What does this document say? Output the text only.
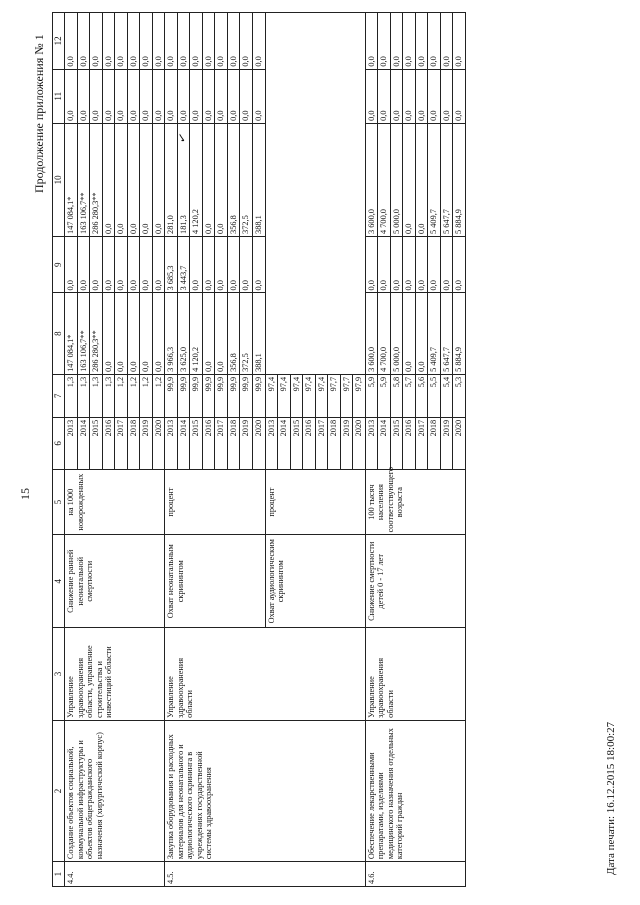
15
Продолжение приложения № 1	✓
1	2	3	4	5	6	7	8	9	10	11	12
4.4.	Создание объектов социальной, коммунальной инфраструктуры и объектов общегражданского назначения (хирургический корпус)	Управление здравоохранения области, управление строительства и инвестиций области	Снижение ранней неонатальной смертности	на 1000 новорожденных	2013	1,3	147 084,1*	0,0	147 084,1*	0,0	0,0
					2014	1,3	163 106,7**	0,0	163 106,7**	0,0	0,0
					2015	1,3	286 280,3**	0,0	286 280,3**	0,0	0,0
					2016	1,3	0,0	0,0	0,0	0,0	0,0
					2017	1,2	0,0	0,0	0,0	0,0	0,0
					2018	1,2	0,0	0,0	0,0	0,0	0,0
					2019	1,2	0,0	0,0	0,0	0,0	0,0
					2020	1,2	0,0	0,0	0,0	0,0	0,0
4.5.	Закупка оборудования и расходных материалов для неонатального и аудиологического скрининга в учреждениях государственной системы здравоохранения	Управление здравоохранения области	Охват неонатальным скринингом	процент	2013	99,9	3 966,3	3 685,3	281,0	0,0	0,0
					2014	99,9	3 625,0	3 443,7	181,3	0,0	0,0
					2015	99,9	4 120,2	0,0	4 120,2	0,0	0,0
					2016	99,9	0,0	0,0	0,0	0,0	0,0
					2017	99,9	0,0	0,0	0,0	0,0	0,0
					2018	99,9	356,8	0,0	356,8	0,0	0,0
					2019	99,9	372,5	0,0	372,5	0,0	0,0
					2020	99,9	388,1	0,0	388,1	0,0	0,0
			Охват аудиологическим скринингом	процент	2013	97,4					
					2014	97,4					
					2015	97,4					
					2016	97,4					
					2017	97,4					
					2018	97,7					
					2019	97,7					
					2020	97,9					
4.6.	Обеспечение лекарственными препаратами, изделиями медицинского назначения отдельных категорий граждан	Управление здравоохранения области	Снижение смертности детей 0 - 17 лет	100 тысяч населения соответствующего возраста	2013	5,9	3 600,0	0,0	3 600,0	0,0	0,0
					2014	5,9	4 700,0	0,0	4 700,0	0,0	0,0
					2015	5,8	5 000,0	0,0	5 000,0	0,0	0,0
					2016	5,7	0,0	0,0	0,0	0,0	0,0
					2017	5,6	0,0	0,0	0,0	0,0	0,0
					2018	5,5	5 409,7	0,0	5 409,7	0,0	0,0
					2019	5,4	5 647,7	0,0	5 647,7	0,0	0,0
					2020	5,3	5 884,9	0,0	5 884,9	0,0	0,0
Дата печати: 16.12.2015 18:00:27
